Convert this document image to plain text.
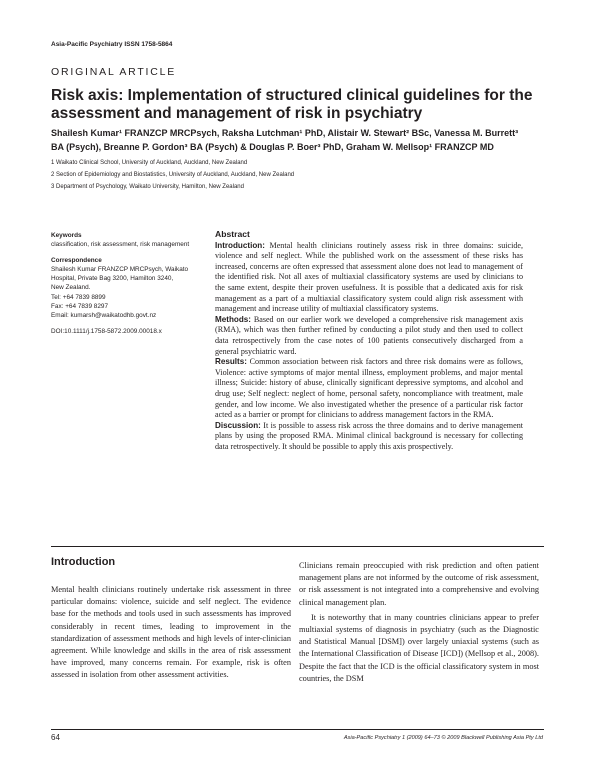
Asia-Pacific Psychiatry ISSN 1758-5864
ORIGINAL ARTICLE
Risk axis: Implementation of structured clinical guidelines for the assessment and management of risk in psychiatry
Shailesh Kumar¹ FRANZCP MRCPsych, Raksha Lutchman¹ PhD, Alistair W. Stewart² BSc, Vanessa M. Burrett³
BA (Psych), Breanne P. Gordon³ BA (Psych) & Douglas P. Boer³ PhD, Graham W. Mellsop¹ FRANZCP MD
1 Waikato Clinical School, University of Auckland, Auckland, New Zealand
2 Section of Epidemiology and Biostatistics, University of Auckland, Auckland, New Zealand
3 Department of Psychology, Waikato University, Hamilton, New Zealand
Keywords
classification, risk assessment, risk management
Correspondence
Shailesh Kumar FRANZCP MRCPsych, Waikato
Hospital, Private Bag 3200, Hamilton 3240,
New Zealand.
Tel: +64 7839 8899
Fax: +64 7839 8297
Email: kumarsh@waikatodhb.govt.nz
DOI:10.1111/j.1758-5872.2009.00018.x
Abstract
Introduction: Mental health clinicians routinely assess risk in three domains: suicide, violence and self neglect. While the published work on the assessment of these risks has increased, concerns are often expressed that assessment alone does not lead to management of the identified risk. Not all axes of multiaxial classificatory systems are used by clinicians to the same extent, despite their proven usefulness. It is possible that a dedicated axis for risk management as a part of a multiaxial classificatory system could align risk assessment with management and increase utility of multiaxial classificatory systems.
Methods: Based on our earlier work we developed a comprehensive risk management axis (RMA), which was then further refined by conducting a pilot study and then used to collect data retrospectively from the case notes of 100 patients consecutively discharged from a general psychiatric ward.
Results: Common association between risk factors and three risk domains were as follows, Violence: active symptoms of major mental illness, employment problems, and major mental illness; Suicide: history of abuse, clinically significant depressive symptoms, and alcohol and drug use; Self neglect: neglect of home, personal safety, noncompliance with treatment, male gender, and low income. We also investigated whether the presence of a particular risk factor acted as a barrier or prompt for clinicians to address management factors in the RMA.
Discussion: It is possible to assess risk across the three domains and to derive management plans by using the proposed RMA. Minimal clinical background is necessary for collecting data retrospectively. It should be possible to apply this axis prospectively.
Introduction

Mental health clinicians routinely undertake risk assessment in three particular domains: violence, suicide and self neglect. The evidence base for the methods and tools used in such assessments has improved considerably in recent times, leading to improvement in the standardization of assessment methods and high levels of inter-clinician agreement. While knowledge and skills in the area of risk assessment have improved, many concerns remain. For example, risk is often assessed in isolation from other assessment activities.

Clinicians remain preoccupied with risk prediction and often patient management plans are not informed by the outcome of risk assessment, or risk assessment is not integrated into a comprehensive and evolving clinical management plan.

It is noteworthy that in many countries clinicians appear to prefer multiaxial systems of diagnosis in psychiatry (such as the Diagnostic and Statistical Manual [DSM]) over largely uniaxial systems (such as the International Classification of Disease [ICD]) (Mellsop et al., 2008). Despite the fact that the ICD is the official classificatory system in most countries, the DSM

64	Asia-Pacific Psychiatry 1 (2009) 64–73 © 2009 Blackwell Publishing Asia Pty Ltd
